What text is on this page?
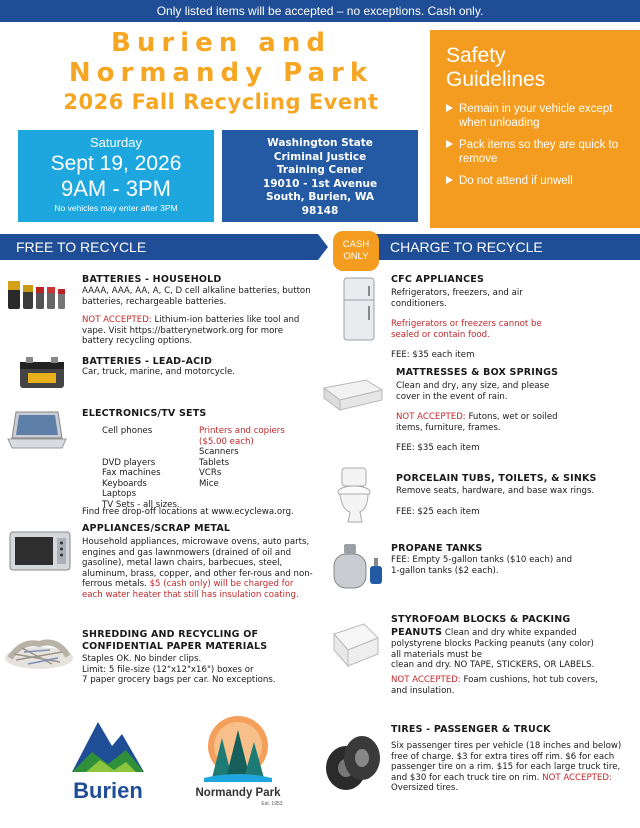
Only listed items will be accepted – no exceptions. Cash only.
Burien and
Normandy Park
2026 Fall Recycling Event
Safety
Guidelines
Remain in your vehicle except when unloading
Pack items so they are quick to remove
Do not attend if unwell
Saturday
Sept 19, 2026
9AM - 3PM
No vehicles may enter after 3PM
Washington State
Criminal Justice
Training Cener
19010 - 1st Avenue
South, Burien, WA
98148
FREE TO RECYCLE	CHARGE TO RECYCLE
CASH
ONLY
BATTERIES - HOUSEHOLD
AAAA, AAA, AA, A, C, D cell alkaline batteries, button batteries, rechargeable batteries.
NOT ACCEPTED: Lithium-ion batteries like tool and vape. Visit https://batterynetwork.org for more battery recycling options.
BATTERIES - LEAD-ACID
Car, truck, marine, and motorcycle.
ELECTRONICS/TV SETS
Cell phones
DVD players
Fax machines
Keyboards
Laptops
TV Sets - all sizes.
Printers and copiers
($5.00 each)
Scanners
Tablets
VCRs
Mice
Find free drop-off locations at www.ecyclewa.org.
APPLIANCES/SCRAP METAL
Household appliances, microwave ovens, auto parts, engines and gas lawnmowers (drained of oil and gasoline), metal lawn chairs, barbecues, steel, aluminum, brass, copper, and other fer-rous and non-ferrous metals. $5 (cash only) will be charged for each water heater that still has insulation coating.
SHREDDING AND RECYCLING OF
CONFIDENTIAL PAPER MATERIALS
Staples OK. No binder clips.
Limit: 5 file-size (12"x12"x16") boxes or
7 paper grocery bags per car. No exceptions.
Burien	Normandy Park
Est. 1953
CFC APPLIANCES
Refrigerators, freezers, and air conditioners.
Refrigerators or freezers cannot be sealed or contain food.
FEE: $35 each item
MATTRESSES & BOX SPRINGS
Clean and dry, any size, and please cover in the event of rain.
NOT ACCEPTED: Futons, wet or soiled items, furniture, frames.
FEE: $35 each item
PORCELAIN TUBS, TOILETS, & SINKS
Remove seats, hardware, and base wax rings.
FEE: $25 each item
PROPANE TANKS
FEE: Empty 5-gallon tanks ($10 each) and 1-gallon tanks ($2 each).
STYROFOAM BLOCKS & PACKING
PEANUTS Clean and dry white expanded
polystyrene blocks Packing peanuts (any color)
all materials must be
clean and dry. NO TAPE, STICKERS, OR LABELS.
NOT ACCEPTED: Foam cushions, hot tub covers, and insulation.
TIRES - PASSENGER & TRUCK
Six passenger tires per vehicle (18 inches and below) free of charge. $3 for extra tires off rim. $6 for each passenger tire on a rim. $15 for each large truck tire, and $30 for each truck tire on rim. NOT ACCEPTED: Oversized tires.
